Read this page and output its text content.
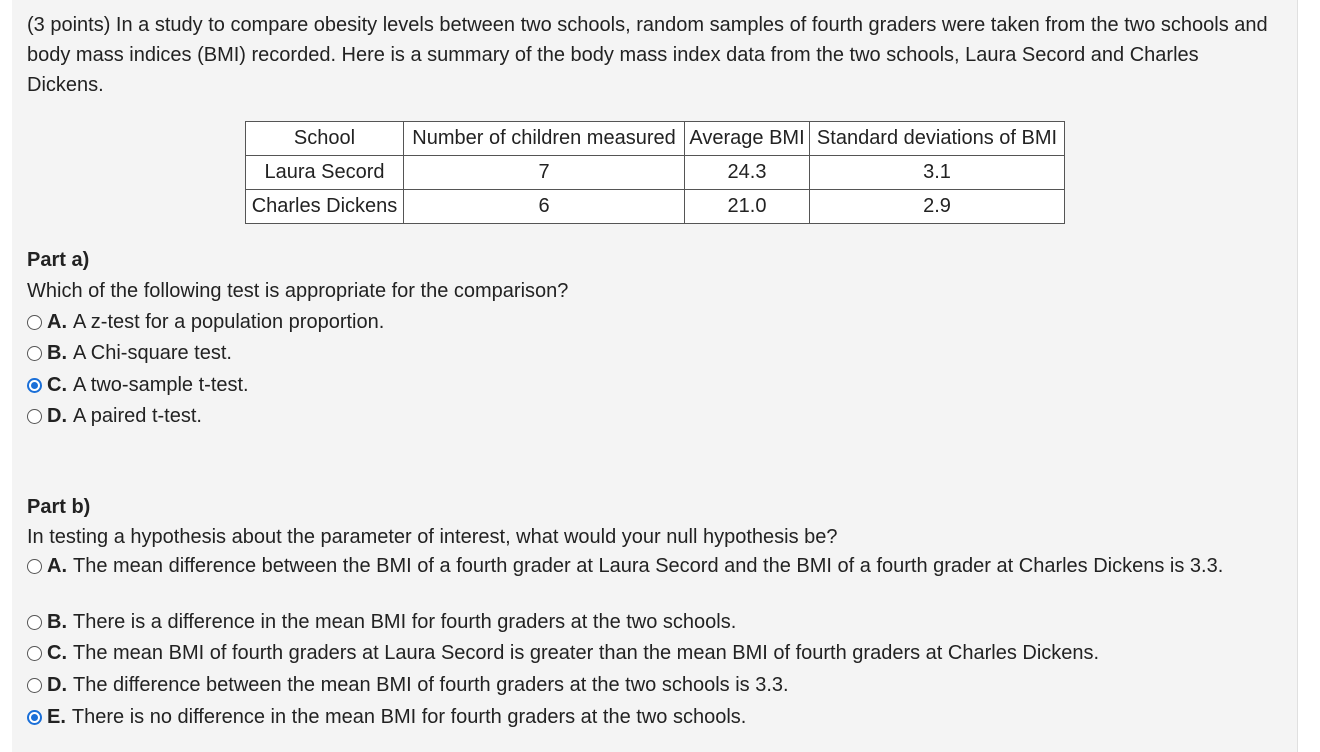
(3 points) In a study to compare obesity levels between two schools, random samples of fourth graders were taken from the two schools and body mass indices (BMI) recorded. Here is a summary of the body mass index data from the two schools, Laura Secord and Charles Dickens.
School	Number of children measured	Average BMI	Standard deviations of BMI
Laura Secord	7	24.3	3.1
Charles Dickens	6	21.0	2.9
Part a)
Which of the following test is appropriate for the comparison?
A. A z-test for a population proportion.
B. A Chi-square test.
C. A two-sample t-test.
D. A paired t-test.
Part b)
In testing a hypothesis about the parameter of interest, what would your null hypothesis be?
A. The mean difference between the BMI of a fourth grader at Laura Secord and the BMI of a fourth grader at Charles Dickens is 3.3.
B. There is a difference in the mean BMI for fourth graders at the two schools.
C. The mean BMI of fourth graders at Laura Secord is greater than the mean BMI of fourth graders at Charles Dickens.
D. The difference between the mean BMI of fourth graders at the two schools is 3.3.
E. There is no difference in the mean BMI for fourth graders at the two schools.
